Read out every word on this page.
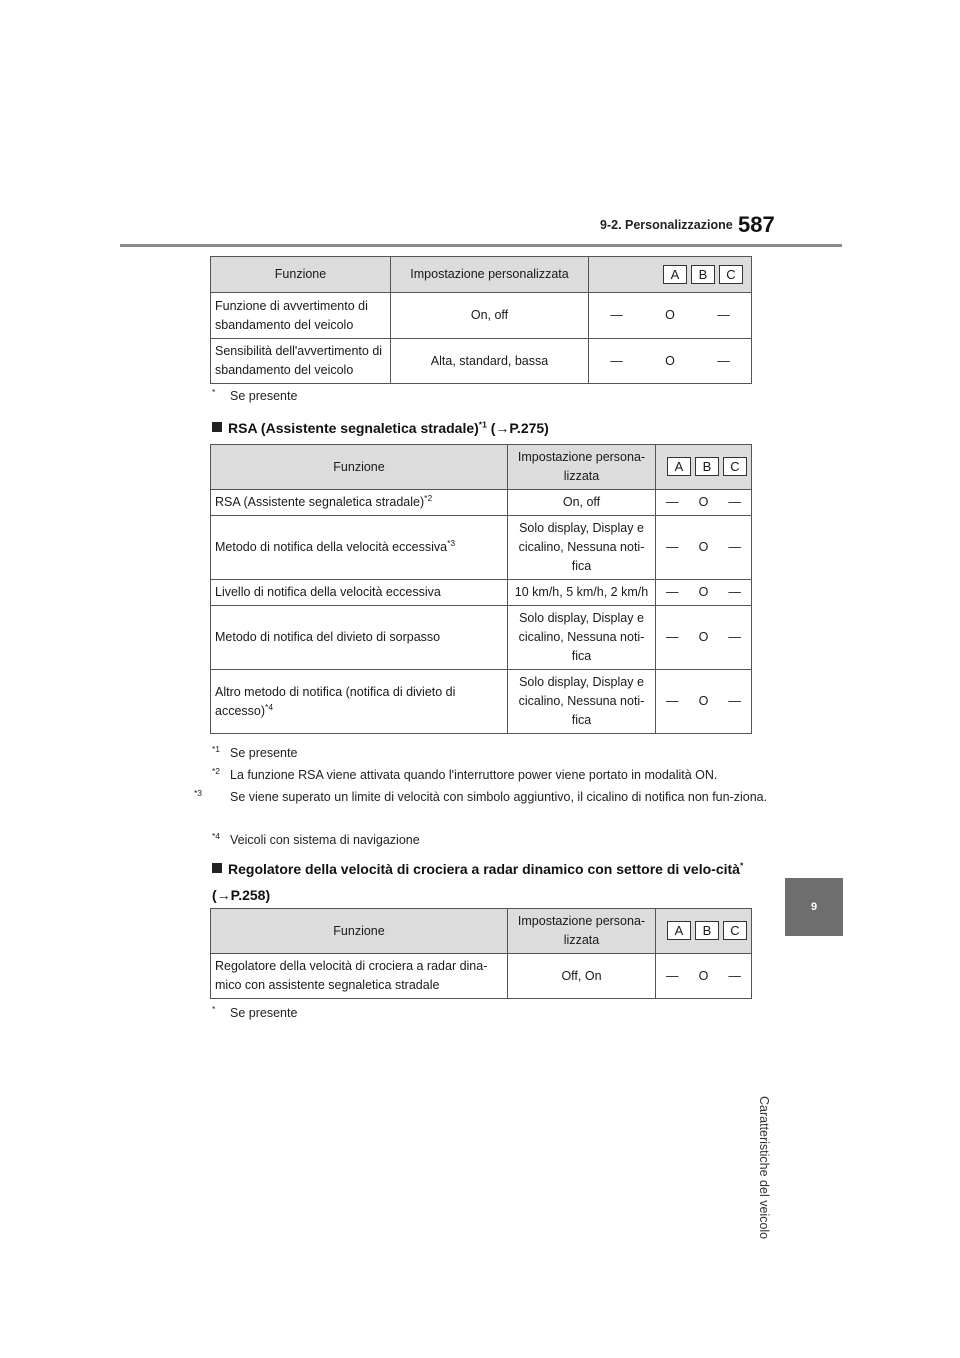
9-2. Personalizzazione 587
9
Caratteristiche del veicolo
Funzione	Impostazione personalizzata	A B C
Funzione di avvertimento di sbandamento del veicolo	On, off	— O —

Sensibilità dell'avvertimento di sbandamento del veicolo	Alta, standard, bassa	— O —
* Se presente
RSA (Assistente segnaletica stradale)$^{*1}$ (→P.275)
Funzione	Impostazione persona-lizzata	A B C
RSA (Assistente segnaletica stradale)$^{*2}$	On, off	— O —

Metodo di notifica della velocità eccessiva$^{*3}$	Solo display, Display e cicalino, Nessuna noti-fica	— O —

Livello di notifica della velocità eccessiva	10 km/h, 5 km/h, 2 km/h	— O —

Metodo di notifica del divieto di sorpasso	Solo display, Display e cicalino, Nessuna noti-fica	— O —

Altro metodo di notifica (notifica di divieto di accesso)$^{*4}$	Solo display, Display e cicalino, Nessuna noti-fica	— O —
$^{*1}$ Se presente
$^{*2}$ La funzione RSA viene attivata quando l'interruttore power viene portato in modalità ON.
$^{*3}$ Se viene superato un limite di velocità con simbolo aggiuntivo, il cicalino di notifica non fun-ziona.
$^{*4}$ Veicoli con sistema di navigazione
Regolatore della velocità di crociera a radar dinamico con settore di velo-cità* (→P.258)
Funzione	Impostazione persona-lizzata	A B C
Regolatore della velocità di crociera a radar dina-mico con assistente segnaletica stradale	Off, On	— O —
* Se presente
